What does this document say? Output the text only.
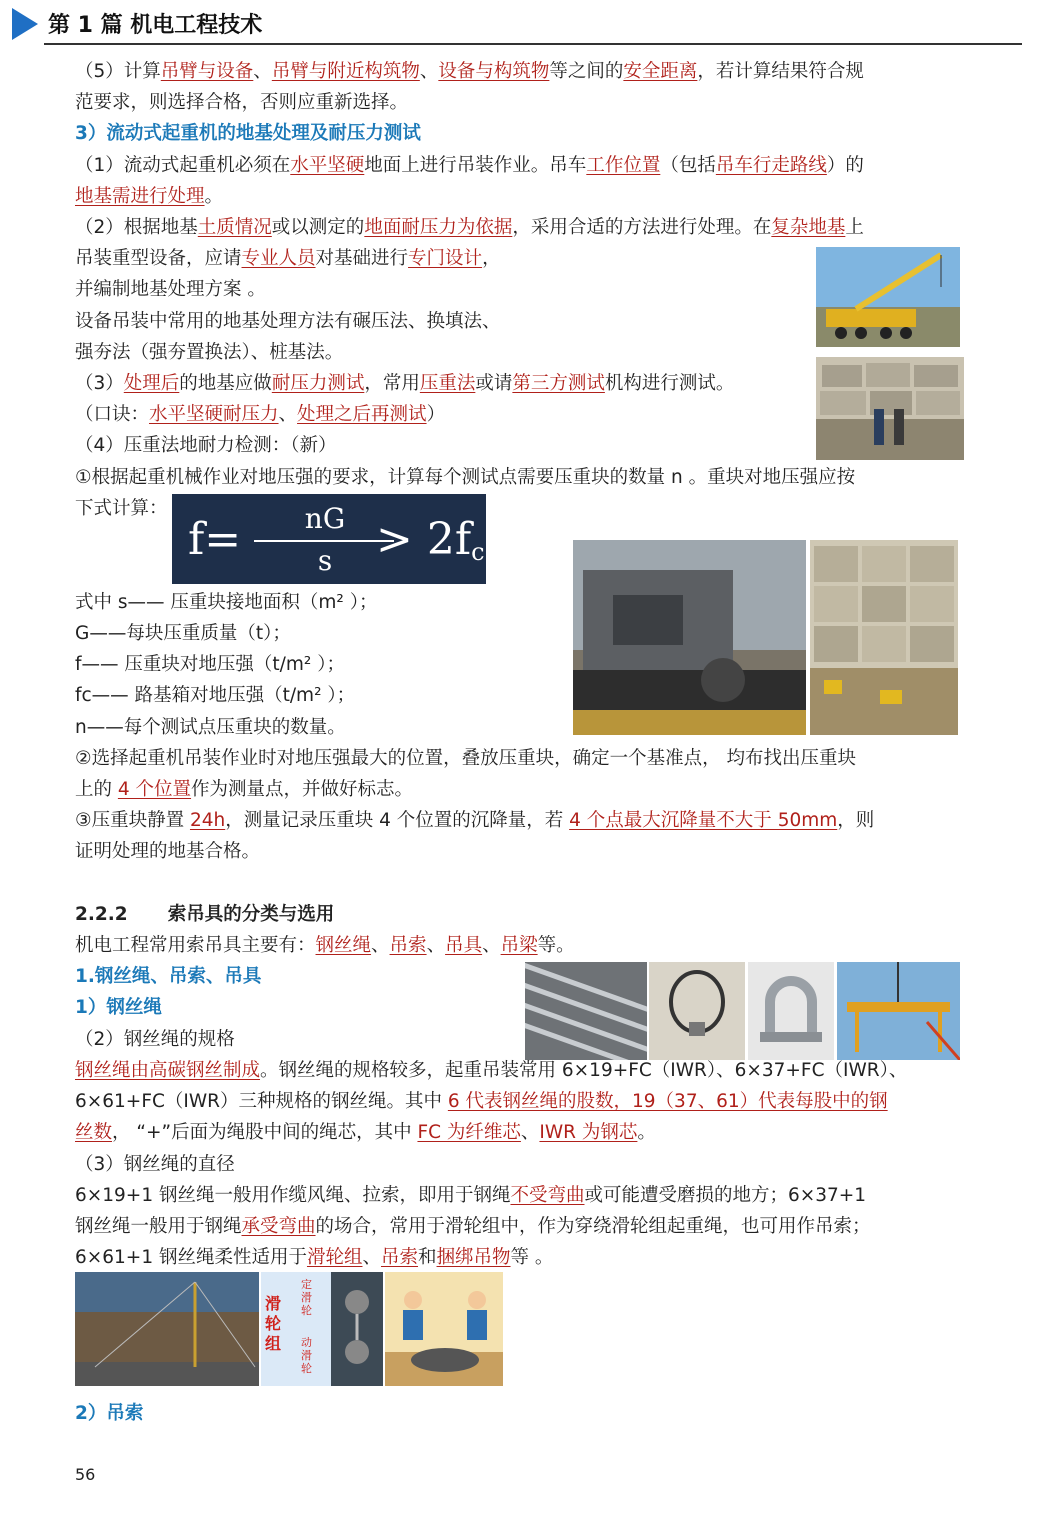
第 1 篇 机电工程技术
滑轮组
定滑轮
动滑轮
f=	nG
$s > 2f_c$
（5）计算吊臂与设备、吊臂与附近构筑物、设备与构筑物等之间的安全距离，若计算结果符合规
范要求，则选择合格，否则应重新选择。
3）流动式起重机的地基处理及耐压力测试
（1）流动式起重机必须在水平坚硬地面上进行吊装作业。吊车工作位置（包括吊车行走路线）的
地基需进行处理。
（2）根据地基土质情况或以测定的地面耐压力为依据，采用合适的方法进行处理。在复杂地基上
吊装重型设备，应请专业人员对基础进行专门设计，
并编制地基处理方案 。
设备吊装中常用的地基处理方法有碾压法、换填法、
强夯法（强夯置换法）、桩基法。
（3）处理后的地基应做耐压力测试，常用压重法或请第三方测试机构进行测试。
（口诀：水平坚硬耐压力、处理之后再测试）
（4）压重法地耐力检测：（新）
①根据起重机械作业对地压强的要求，计算每个测试点需要压重块的数量 n 。重块对地压强应按
下式计算：
式中 s—— 压重块接地面积（m² ）；
G——每块压重质量（t）；
f—— 压重块对地压强（t/m² ）；
fc—— 路基箱对地压强（t/m² ）；
n——每个测试点压重块的数量。
②选择起重机吊装作业时对地压强最大的位置，叠放压重块，确定一个基准点， 均布找出压重块
上的 4 个位置作为测量点，并做好标志。
③压重块静置 24h，测量记录压重块 4 个位置的沉降量，若 4 个点最大沉降量不大于 50mm，则
证明处理的地基合格。
2.2.2 索吊具的分类与选用
机电工程常用索吊具主要有：钢丝绳、吊索、吊具、吊梁等。
1.钢丝绳、吊索、吊具
1）钢丝绳
（2）钢丝绳的规格
钢丝绳由高碳钢丝制成。钢丝绳的规格较多，起重吊装常用 6×19+FC（IWR）、6×37+FC（IWR）、
6×61+FC（IWR）三种规格的钢丝绳。其中 6 代表钢丝绳的股数，19（37、61）代表每股中的钢
丝数， “+”后面为绳股中间的绳芯，其中 FC 为纤维芯、IWR 为钢芯。
（3）钢丝绳的直径
6×19+1 钢丝绳一般用作缆风绳、拉索，即用于钢绳不受弯曲或可能遭受磨损的地方；6×37+1
钢丝绳一般用于钢绳承受弯曲的场合，常用于滑轮组中，作为穿绕滑轮组起重绳，也可用作吊索；
6×61+1 钢丝绳柔性适用于滑轮组、吊索和捆绑吊物等 。
2）吊索
56
